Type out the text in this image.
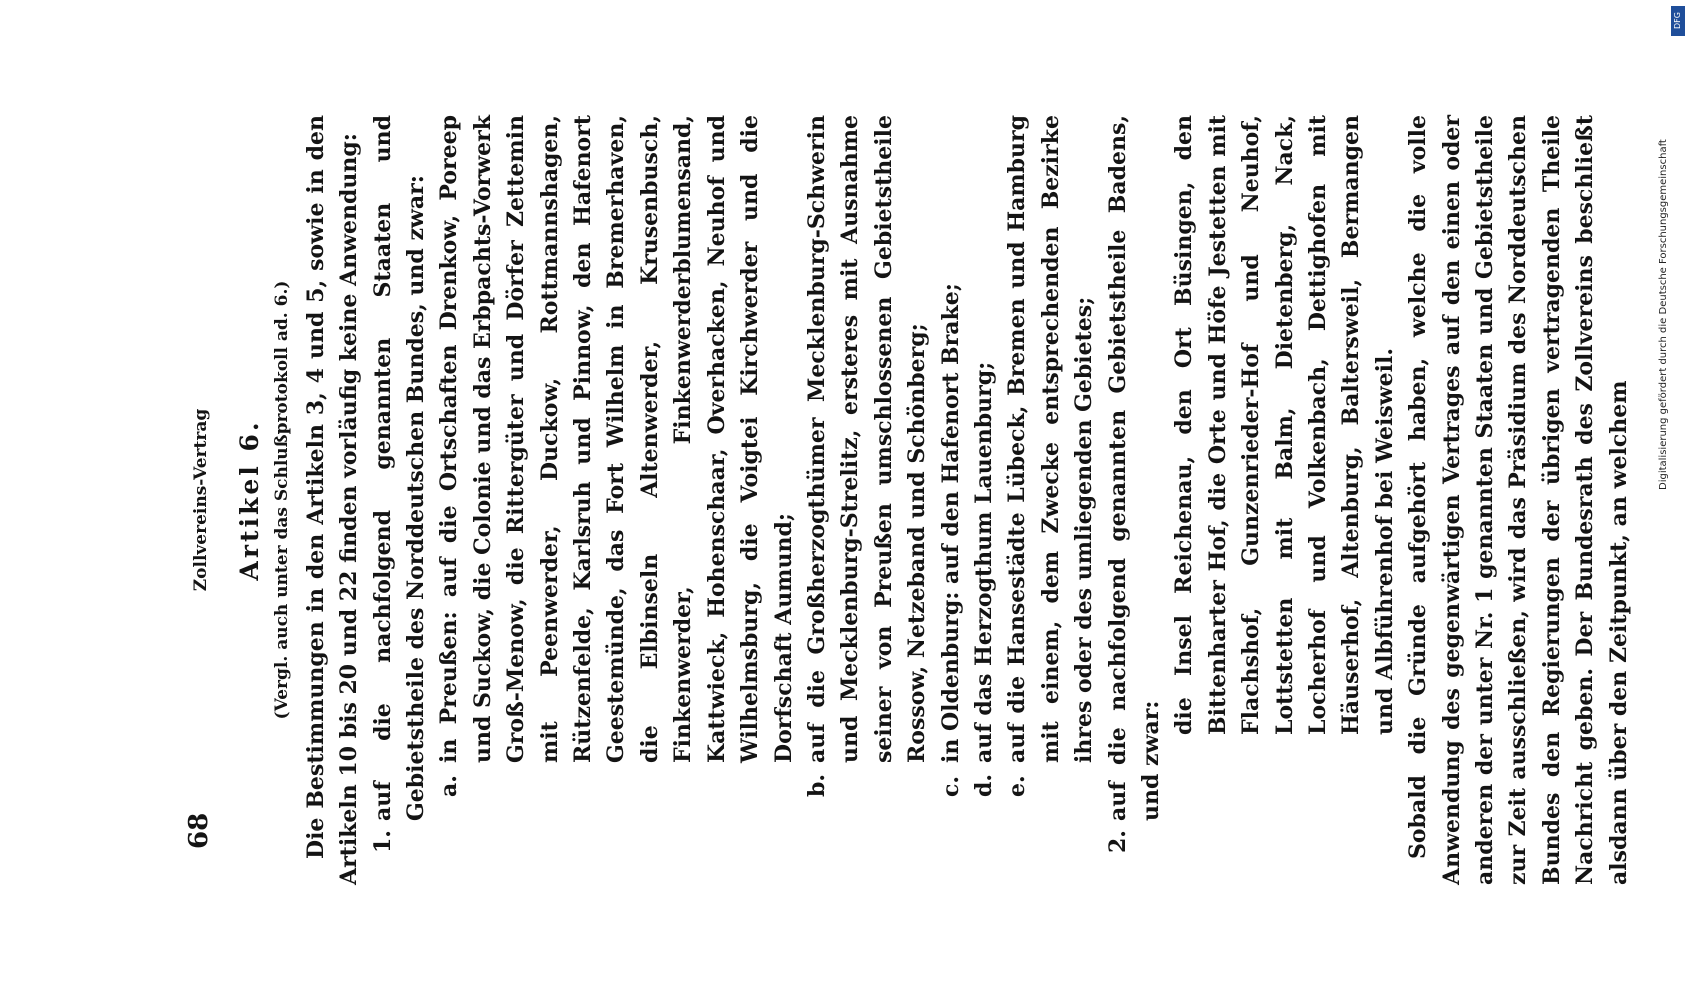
68
Zollvereins-Vertrag Artikel 6. (Vergl. auch unter das Schlußprotokoll ad. 6.) Die Bestimmungen in den Artikeln 3, 4 und 5, sowie in den Artikeln 10 bis 20 und 22 finden vorläufig keine Anwendung: 1.auf die nachfolgend genannten Staaten und Gebietstheile des Norddeutschen Bundes, und zwar: a.in Preußen: auf die Ortschaften Drenkow, Poreep und Suckow, die Colonie und das Erbpachts-Vorwerk Groß-Menow, die Rittergüter und Dörfer Zettemin mit Peenwerder, Duckow, Rottmannshagen, Rützenfelde, Karlsruh und Pinnow, den Hafenort Geestemünde, das Fort Wilhelm in Bremerhaven, die Elbinseln Altenwerder, Krusenbusch, Finkenwerder, Finkenwerderblumensand, Kattwieck, Hohenschaar, Overhacken, Neuhof und Wilhelmsburg, die Voigtei Kirchwerder und die Dorfschaft Aumund;

b.auf die Großherzogthümer Mecklenburg-Schwerin und Mecklenburg-Strelitz, ersteres mit Ausnahme seiner von Preußen umschlossenen Gebietstheile Rossow, Netzeband und Schönberg;

c.in Oldenburg: auf den Hafenort Brake;

d.auf das Herzogthum Lauenburg;

e.auf die Hansestädte Lübeck, Bremen und Hamburg mit einem, dem Zwecke entsprechenden Bezirke ihres oder des umliegenden Gebietes;

2.auf die nachfolgend genannten Gebietstheile Badens, und zwar:

die Insel Reichenau, den Ort Büsingen, den Bittenharter Hof, die Orte und Höfe Jestetten mit Flachshof, Gunzenrieder-Hof und Neuhof, Lottstetten mit Balm, Dietenberg, Nack, Locherhof und Volkenbach, Dettighofen mit Häuserhof, Altenburg, Baltersweil, Bermangen und Albführenhof bei Weisweil. Sobald die Gründe aufgehört haben, welche die volle Anwendung des gegenwärtigen Vertrages auf den einen oder anderen der unter Nr. 1 genannten Staaten und Gebietstheile zur Zeit ausschließen, wird das Präsidium des Norddeutschen Bundes den Regierungen der übrigen vertragenden Theile Nachricht geben. Der Bundesrath des Zollvereins beschließt alsdann über den Zeitpunkt, an welchem

Digitalisierung gefördert durch die Deutsche Forschungsgemeinschaft
DFG
